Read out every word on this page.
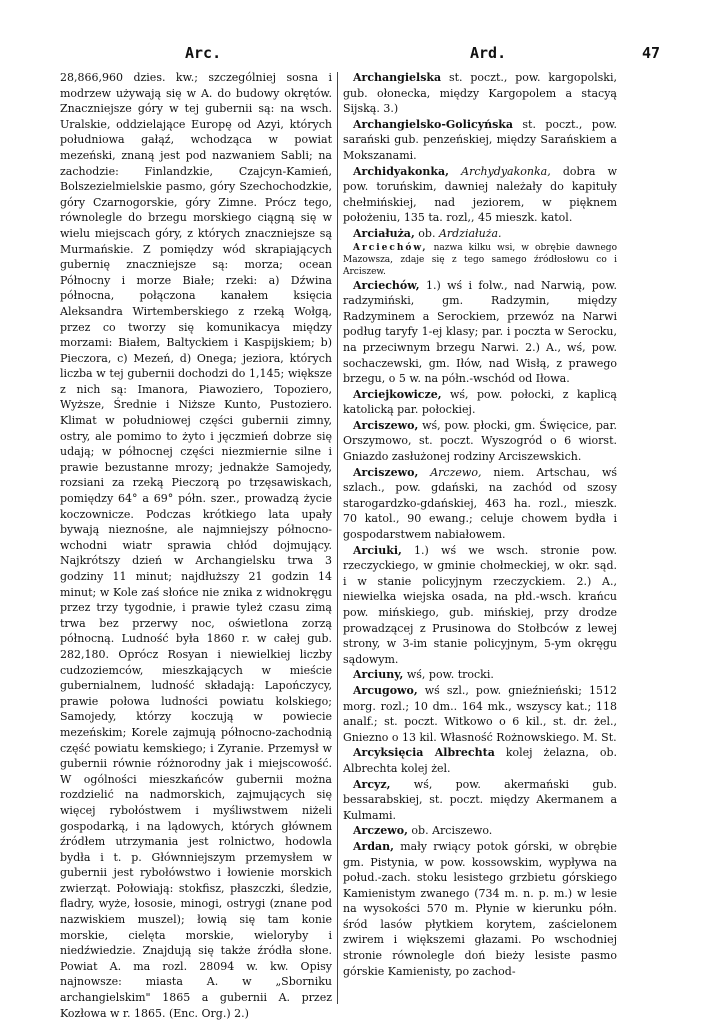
Arc.	Ard.	47

28,866,960 dzies. kw.; szczególniej sosna i modrzew używają się w A. do budowy okrętów. Znaczniejsze góry w tej gubernii są: na wsch. Uralskie, oddzielające Europę od Azyi, których południowa gałąź, wchodząca w powiat mezeński, znaną jest pod nazwaniem Sabli; na zachodzie: Finlandzkie, Czajcyn-Kamień, Bolszezielmielskie pasmo, góry Szechochodzkie, góry Czarnogorskie, góry Zimne. Prócz tego, równolegle do brzegu morskiego ciągną się w wielu miejscach góry, z których znaczniejsze są Murmańskie. Z pomiędzy wód skrapiających gubernię znaczniejsze są: morza; ocean Północny i morze Białe; rzeki: a) Dźwina północna, połączona kanałem księcia Aleksandra Wirtemberskiego z rzeką Wołgą, przez co tworzy się komunikacya między morzami: Białem, Baltyckiem i Kaspijskiem; b) Pieczora, c) Mezeń, d) Onega; jeziora, których liczba w tej gubernii dochodzi do 1,145; większe z nich są: Imanora, Piawoziero, Topoziero, Wyższe, Średnie i Niższe Kunto, Pustoziero. Klimat w południowej części gubernii zimny, ostry, ale pomimo to żyto i jęczmień dobrze się udają; w północnej części niezmiernie silne i prawie bezustanne mrozy; jednakże Samojedy, rozsiani za rzeką Pieczorą po trzęsawiskach, pomiędzy 64° a 69° półn. szer., prowadzą życie koczownicze. Podczas krótkiego lata upały bywają nieznośne, ale najmniejszy północno-wchodni wiatr sprawia chłód dojmujący. Najkrótszy dzień w Archangielsku trwa 3 godziny 11 minut; najdłuższy 21 godzin 14 minut; w Kole zaś słońce nie znika z widnokręgu przez trzy tygodnie, i prawie tyleż czasu zimą trwa bez przerwy noc, oświetlona zorzą północną. Ludność była 1860 r. w całej gub. 282,180. Oprócz Rosyan i niewielkiej liczby cudzoziemców, mieszkających w mieście gubernialnem, ludność składają: Lapończycy, prawie połowa ludności powiatu kolskiego; Samojedy, którzy koczują w powiecie mezeńskim; Korele zajmują północno-zachodnią część powiatu kemskiego; i Zyranie. Przemysł w gubernii równie różnorodny jak i miejscowość. W ogólności mieszkańców gubernii można rozdzielić na nadmorskich, zajmujących się więcej rybołóstwem i myśliwstwem niżeli gospodarką, i na lądowych, których głównem źródłem utrzymania jest rolnictwo, hodowla bydła i t. p. Głównniejszym przemysłem w gubernii jest rybołówstwo i łowienie morskich zwierząt. Połowiają: stokfisz, płaszczki, śledzie, fladry, wyże, łososie, minogi, ostrygi (znane pod nazwiskiem muszel); łowią się tam konie morskie, cielęta morskie, wieloryby i niedźwiedzie. Znajdują się także źródła słone. Powiat A. ma rozl. 28094 w. kw. Opisy najnowsze: miasta A. w „Sborniku archangielskim" 1865 a gubernii A. przez Kozłowa w r. 1865. (Enc. Org.) 2.)

Archangielska st. poczt., pow. kargopolski, gub. ołonecka, między Kargopolem a stacyą Sijską. 3.)

Archangielsko-Golicyńska st. poczt., pow. sarański gub. penzeńskiej, między Sarańskiem a Mokszanami.

Archidyakonka, Archydyakonka, dobra w pow. toruńskim, dawniej należały do kapituły chełmińskiej, nad jeziorem, w pięknem położeniu, 135 ta. rozl,, 45 mieszk. katol.

Arciałuża, ob. Ardziałuża.

Arciechów, nazwa kilku wsi, w obrębie dawnego Mazowsza, zdaje się z tego samego źródłosłowu co i Arciszew.

Arciechów, 1.) wś i folw., nad Narwią, pow. radzymiński, gm. Radzymin, między Radzyminem a Serockiem, przewóz na Narwi podług taryfy 1-ej klasy; par. i poczta w Serocku, na przeciwnym brzegu Narwi. 2.) A., wś, pow. sochaczewski, gm. Iłów, nad Wisłą, z prawego brzegu, o 5 w. na półn.-wschód od Iłowa.

Arciejkowicze, wś, pow. połocki, z kaplicą katolicką par. połockiej.

Arciszewo, wś, pow. płocki, gm. Święcice, par. Orszymowo, st. poczt. Wyszogród o 6 wiorst. Gniazdo zasłużonej rodziny Arciszewskich.

Arciszewo, Arczewo, niem. Artschau, wś szlach., pow. gdański, na zachód od szosy starogardzko-gdańskiej, 463 ha. rozl., mieszk. 70 katol., 90 ewang.; celuje chowem bydła i gospodarstwem nabiałowem.

Arciuki, 1.) wś we wsch. stronie pow. rzeczyckiego, w gminie chołmeckiej, w okr. sąd. i w stanie policyjnym rzeczyckiem. 2.) A., niewielka wiejska osada, na płd.-wsch. krańcu pow. mińskiego, gub. mińskiej, przy drodze prowadzącej z Prusinowa do Stołbców z lewej strony, w 3-im stanie policyjnym, 5-ym okręgu sądowym.

Arciuny, wś, pow. trocki.

Arcugowo, wś szl., pow. gnieźnieński; 1512 morg. rozl.; 10 dm.. 164 mk., wszyscy kat.; 118 analf.; st. poczt. Witkowo o 6 kil., st. dr. żel., Gniezno o 13 kil. Własność Rożnowskiego. M. St.

Arcyksięcia Albrechta kolej żelazna, ob. Albrechta kolej żel.

Arcyz, wś, pow. akermański gub. bessarabskiej, st. poczt. między Akermanem a Kulmami.

Arczewo, ob. Arciszewo.

Ardan, mały rwiący potok górski, w obrębie gm. Pistynia, w pow. kossowskim, wypływa na połud.-zach. stoku lesistego grzbietu górskiego Kamienistym zwanego (734 m. n. p. m.) w lesie na wysokości 570 m. Płynie w kierunku półn. śród lasów płytkiem korytem, zaścielonem zwirem i większemi głazami. Po wschodniej stronie równolegle doń bieży lesiste pasmo górskie Kamienisty, po zachod-
